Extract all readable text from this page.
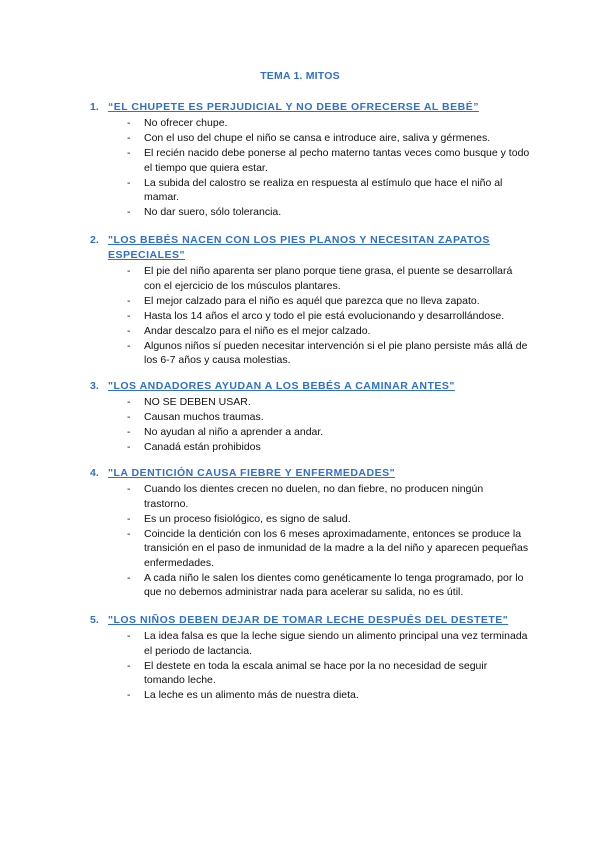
TEMA 1. MITOS
1. “EL CHUPETE ES PERJUDICIAL Y NO DEBE OFRECERSE AL BEBÉ”
- No ofrecer chupe.
- Con el uso del chupe el niño se cansa e introduce aire, saliva y gérmenes.
- El recién nacido debe ponerse al pecho materno tantas veces como busque y todo el tiempo que quiera estar.
- La subida del calostro se realiza en respuesta al estímulo que hace el niño al mamar.
- No dar suero, sólo tolerancia.
2. "LOS BEBÉS NACEN CON LOS PIES PLANOS Y NECESITAN ZAPATOS ESPECIALES"
- El pie del niño aparenta ser plano porque tiene grasa, el puente se desarrollará con el ejercicio de los músculos plantares.
- El mejor calzado para el niño es aquél que parezca que no lleva zapato.
- Hasta los 14 años el arco y todo el pie está evolucionando y desarrollándose.
- Andar descalzo para el niño es el mejor calzado.
- Algunos niños sí pueden necesitar intervención si el pie plano persiste más allá de los 6-7 años y causa molestias.
3. "LOS ANDADORES AYUDAN A LOS BEBÉS A CAMINAR ANTES"
- NO SE DEBEN USAR.
- Causan muchos traumas.
- No ayudan al niño a aprender a andar.
- Canadá están prohibidos
4. "LA DENTICIÓN CAUSA FIEBRE Y ENFERMEDADES"
- Cuando los dientes crecen no duelen, no dan fiebre, no producen ningún trastorno.
- Es un proceso fisiológico, es signo de salud.
- Coincide la dentición con los 6 meses aproximadamente, entonces se produce la transición en el paso de inmunidad de la madre a la del niño y aparecen pequeñas enfermedades.
- A cada niño le salen los dientes como genéticamente lo tenga programado, por lo que no debemos administrar nada para acelerar su salida, no es útil.
5. "LOS NIÑOS DEBEN DEJAR DE TOMAR LECHE DESPUÉS DEL DESTETE"
- La idea falsa es que la leche sigue siendo un alimento principal una vez terminada el periodo de lactancia.
- El destete en toda la escala animal se hace por la no necesidad de seguir tomando leche.
- La leche es un alimento más de nuestra dieta.
